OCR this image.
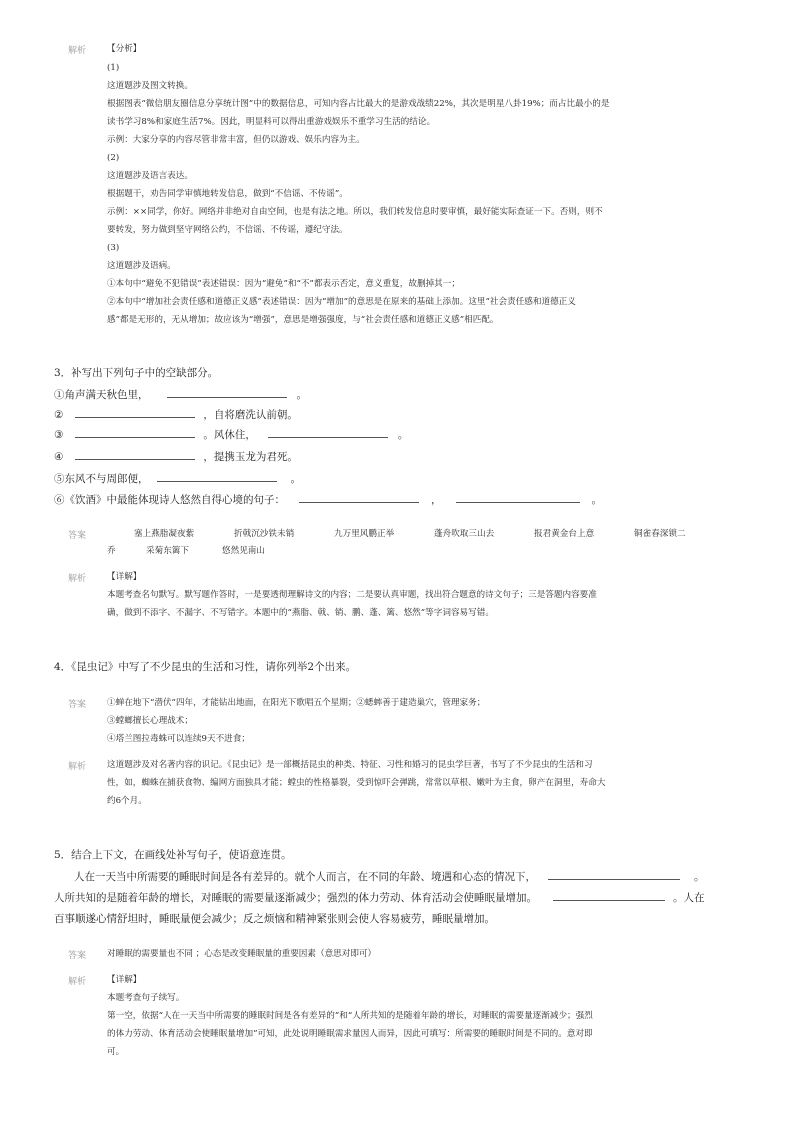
解析 【分析】
(1)
这道题涉及图文转换。
根据图表“微信朋友圈信息分享统计图”中的数据信息，可知内容占比最大的是游戏战绩22%，其次是明星八卦19%；而占比最小的是
读书学习8%和家庭生活7%。因此，明显料可以得出重游戏娱乐不重学习生活的结论。
示例：大家分享的内容尽管非常丰富，但仍以游戏、娱乐内容为主。
(2)
这道题涉及语言表达。
根据题干，劝告同学审慎地转发信息，做到“不信谣、不传谣”。
示例：××同学，你好。网络并非绝对自由空间，也是有法之地。所以，我们转发信息时要审慎，最好能实际查证一下。否则，则不
要转发，努力做到坚守网络公约，不信谣、不传谣，遵纪守法。
(3)
这道题涉及语病。
①本句中“避免不犯错误”表述错误：因为“避免”和“不”都表示否定，意义重复，故删掉其一；
②本句中“增加社会责任感和道德正义感”表述错误：因为“增加”的意思是在原来的基础上添加。这里“社会责任感和道德正义
感”都是无形的，无从增加；故应该为“增强”，意思是增强强度，与“社会责任感和道德正义感”相匹配。
3．补写出下列句子中的空缺部分。
①角声满天秋色里，	。
②	，自将磨洗认前朝。
③	。风休住，	。
④	，提携玉龙为君死。
⑤东风不与周郎便，	。
⑥《饮酒》中最能体现诗人悠然自得心境的句子：	，	。
答案	塞上燕脂凝夜紫	折戟沉沙铁未销	九万里风鹏正举	蓬舟吹取三山去	报君黄金台上意	铜雀春深锁二
乔	采菊东篱下	悠然见南山
解析 【详解】
本题考查名句默写。默写题作答时，一是要透彻理解诗文的内容；二是要认真审题，找出符合题意的诗文句子；三是答题内容要准
确，做到不添字、不漏字、不写错字。本题中的“燕脂、戟、销、鹏、蓬、篱、悠然”等字词容易写错。
4．《昆虫记》中写了不少昆虫的生活和习性，请你列举2个出来。
答案 ①蝉在地下“潜伏”四年，才能钻出地面，在阳光下歌唱五个星期；②蟋蟀善于建造巢穴，管理家务；
③螳螂擅长心理战术；
④塔兰图拉毒蛛可以连续9天不进食；
解析 这道题涉及对名著内容的识记。《昆虫记》是一部概括昆虫的种类、特征、习性和婚习的昆虫学巨著，书写了不少昆虫的生活和习
性，如，蜘蛛在捕获食物、编网方面独具才能；螳虫的性格暴裂，受到惊吓会弹跳，常常以草根、嫩叶为主食，卵产在洞里，寿命大
约6个月。
5．结合上下文，在画线处补写句子，使语意连贯。
人在一天当中所需要的睡眠时间是各有差异的。就个人而言，在不同的年龄、境遇和心态的情况下，	。
人所共知的是随着年龄的增长，对睡眠的需要量逐渐减少；强烈的体力劳动、体育活动会使睡眠量增加。	。人在
百事顺遂心情舒坦时，睡眠量便会减少；反之烦恼和精神紧张则会使人容易疲劳，睡眠量增加。
答案 对睡眠的需要量也不同 ；心态是改变睡眠量的重要因素（意思对即可）
解析 【详解】
本题考查句子续写。
第一空，依据“人在一天当中所需要的睡眠时间是各有差异的”和“人所共知的是随着年龄的增长，对睡眠的需要量逐渐减少；强烈
的体力劳动、体育活动会使睡眠量增加”可知，此处说明睡眠需求量因人而异，因此可填写：所需要的睡眠时间是不同的。意对即
可。
